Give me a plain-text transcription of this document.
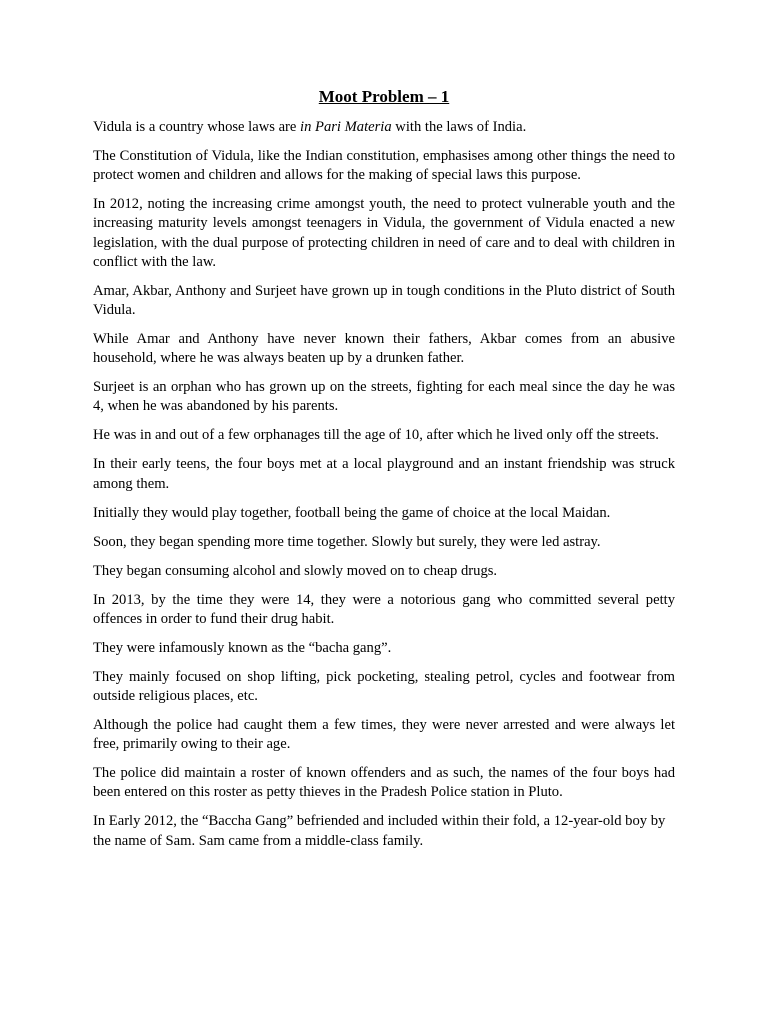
Moot Problem – 1

Vidula is a country whose laws are in Pari Materia with the laws of India.

The Constitution of Vidula, like the Indian constitution, emphasises among other things the need to protect women and children and allows for the making of special laws this purpose.

In 2012, noting the increasing crime amongst youth, the need to protect vulnerable youth and the increasing maturity levels amongst teenagers in Vidula, the government of Vidula enacted a new legislation, with the dual purpose of protecting children in need of care and to deal with children in conflict with the law.

Amar, Akbar, Anthony and Surjeet have grown up in tough conditions in the Pluto district of South Vidula.

While Amar and Anthony have never known their fathers, Akbar comes from an abusive household, where he was always beaten up by a drunken father.

Surjeet is an orphan who has grown up on the streets, fighting for each meal since the day he was 4, when he was abandoned by his parents.

He was in and out of a few orphanages till the age of 10, after which he lived only off the streets.

In their early teens, the four boys met at a local playground and an instant friendship was struck among them.

Initially they would play together, football being the game of choice at the local Maidan.

Soon, they began spending more time together. Slowly but surely, they were led astray.

They began consuming alcohol and slowly moved on to cheap drugs.

In 2013, by the time they were 14, they were a notorious gang who committed several petty offences in order to fund their drug habit.

They were infamously known as the “bacha gang”.

They mainly focused on shop lifting, pick pocketing, stealing petrol, cycles and footwear from outside religious places, etc.

Although the police had caught them a few times, they were never arrested and were always let free, primarily owing to their age.

The police did maintain a roster of known offenders and as such, the names of the four boys had been entered on this roster as petty thieves in the Pradesh Police station in Pluto.

In Early 2012, the “Baccha Gang” befriended and included within their fold, a 12-year-old boy by the name of Sam. Sam came from a middle-class family.
